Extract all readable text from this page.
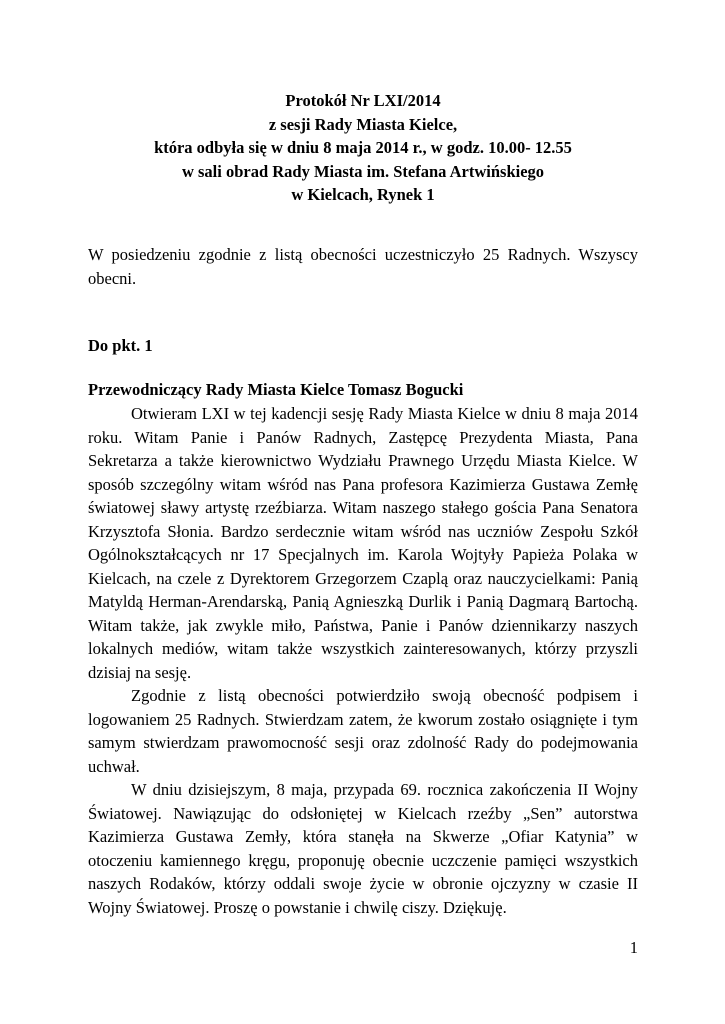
Protokół Nr LXI/2014
z sesji Rady Miasta Kielce,
która odbyła się w dniu 8 maja 2014 r., w godz. 10.00- 12.55
w sali obrad Rady Miasta im. Stefana Artwińskiego
w Kielcach, Rynek 1
W posiedzeniu zgodnie z listą obecności uczestniczyło 25 Radnych. Wszyscy obecni.
Do pkt. 1
Przewodniczący Rady Miasta Kielce Tomasz Bogucki

Otwieram LXI w tej kadencji sesję Rady Miasta Kielce w dniu 8 maja 2014 roku. Witam Panie i Panów Radnych, Zastępcę Prezydenta Miasta, Pana Sekretarza a także kierownictwo Wydziału Prawnego Urzędu Miasta Kielce. W sposób szczególny witam wśród nas Pana profesora Kazimierza Gustawa Zemłę światowej sławy artystę rzeźbiarza. Witam naszego stałego gościa Pana Senatora Krzysztofa Słonia. Bardzo serdecznie witam wśród nas uczniów Zespołu Szkół Ogólnokształcących nr 17 Specjalnych im. Karola Wojtyły Papieża Polaka w Kielcach, na czele z Dyrektorem Grzegorzem Czaplą oraz nauczycielkami: Panią Matyldą Herman-Arendarską, Panią Agnieszką Durlik i Panią Dagmarą Bartochą. Witam także, jak zwykle miło, Państwa, Panie i Panów dziennikarzy naszych lokalnych mediów, witam także wszystkich zainteresowanych, którzy przyszli dzisiaj na sesję.

Zgodnie z listą obecności potwierdziło swoją obecność podpisem i logowaniem 25 Radnych. Stwierdzam zatem, że kworum zostało osiągnięte i tym samym stwierdzam prawomocność sesji oraz zdolność Rady do podejmowania uchwał.

W dniu dzisiejszym, 8 maja, przypada 69. rocznica zakończenia II Wojny Światowej. Nawiązując do odsłoniętej w Kielcach rzeźby „Sen” autorstwa Kazimierza Gustawa Zemły, która stanęła na Skwerze „Ofiar Katynia” w otoczeniu kamiennego kręgu, proponuję obecnie uczczenie pamięci wszystkich naszych Rodaków, którzy oddali swoje życie w obronie ojczyzny w czasie II Wojny Światowej. Proszę o powstanie i chwilę ciszy. Dziękuję.

1
